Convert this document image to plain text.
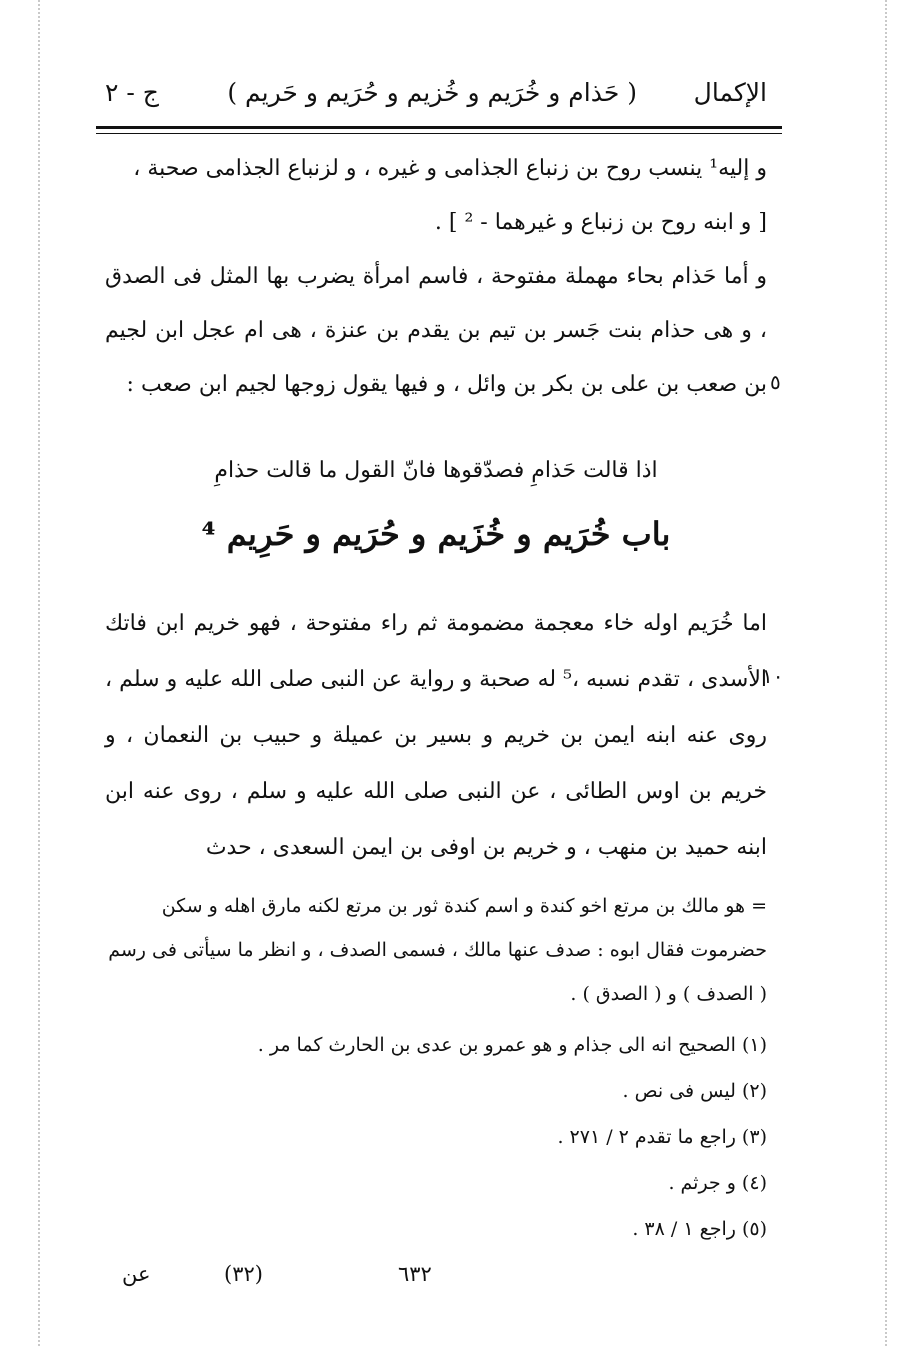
الإكمال
( حَذام و خُرَيم و خُزيم و حُرَيم و حَريم )
ج - ٢

و إليه¹ ينسب روح بن زنباع الجذامى و غيره ، و لزنباع الجذامى صحبة ،

[ و ابنه روح بن زنباع و غيرهما - ² ] .

و أما حَذام بحاء مهملة مفتوحة ، فاسم امرأة يضرب بها المثل فى الصدق ، و هى حذام بنت جَسر بن تيم بن يقدم بن عنزة ، هى ام عجل ابن لجيم بن صعب بن على بن بكر بن وائل ، و فيها يقول زوجها لجيم ابن صعب : ٥
اذا قالت حَذامِ فصدّقوها فانّ القول ما قالت حذامِ
باب خُرَيم و خُزَيم و حُرَيم و حَرِيم ⁴

اما خُرَيم اوله خاء معجمة مضمومة ثم راء مفتوحة ، فهو خريم ابن فاتك الأسدى ، تقدم نسبه ،⁵ له صحبة و رواية عن النبى صلى الله عليه و سلم ، روى عنه ابنه ايمن بن خريم و بسير بن عميلة و حبيب بن النعمان ، و خريم بن اوس الطائى ، عن النبى صلى الله عليه و سلم ، روى عنه ابن ابنه حميد بن منهب ، و خريم بن اوفى بن ايمن السعدى ، حدث

١٠

= هو مالك بن مرتع اخو كندة و اسم كندة ثور بن مرتع لكنه مارق اهله و سكن حضرموت فقال ابوه : صدف عنها مالك ، فسمى الصدف ، و انظر ما سيأتى فى رسم ( الصدف ) و ( الصدق ) .

(١) الصحيح انه الى جذام و هو عمرو بن عدى بن الحارث كما مر .
(٢) ليس فى نص .
(٣) راجع ما تقدم ٢ / ٢٧١ .
(٤) و جرثم .
(٥) راجع ١ / ٣٨ .
عن	(٣٢)	٦٣٢
